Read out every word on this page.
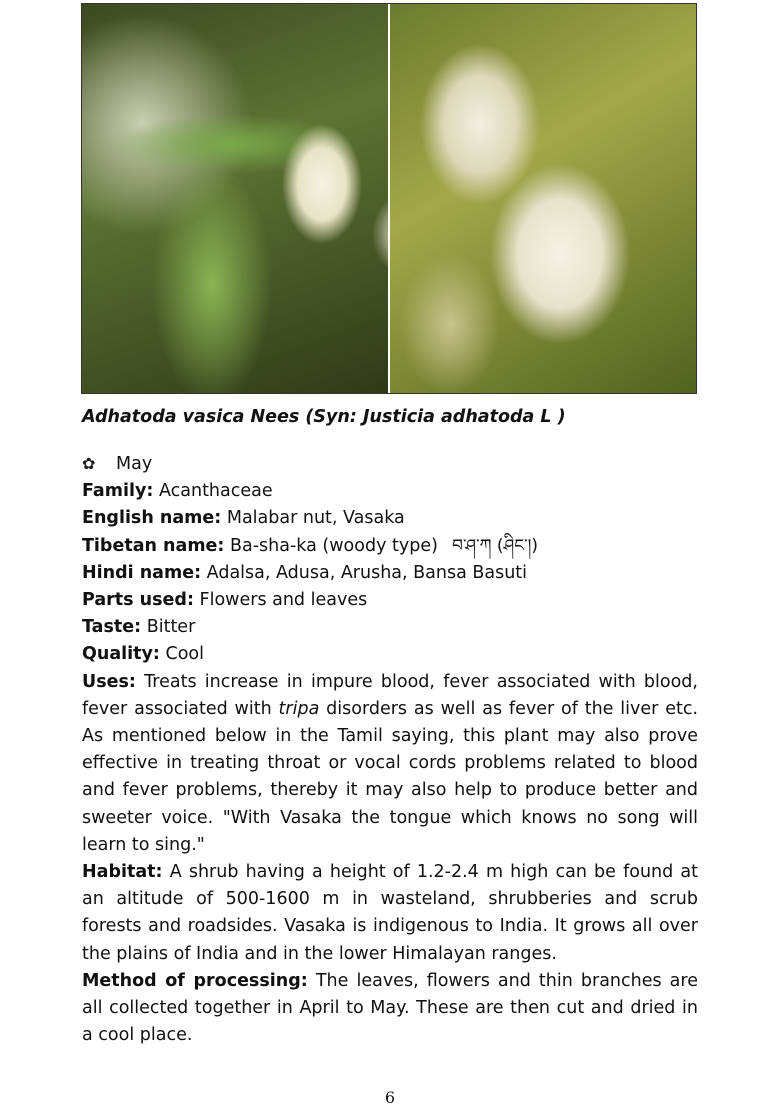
Adhatoda vasica Nees (Syn: Justicia adhatoda L )
✿ May
Family: Acanthaceae
English name: Malabar nut, Vasaka
Tibetan name: Ba-sha-ka (woody type) བ་ཤ་ཀ (ཤིང་།)
Hindi name: Adalsa, Adusa, Arusha, Bansa Basuti
Parts used: Flowers and leaves
Taste: Bitter
Quality: Cool
Uses: Treats increase in impure blood, fever associated with blood, fever associated with tripa disorders as well as fever of the liver etc. As mentioned below in the Tamil saying, this plant may also prove effective in treating throat or vocal cords problems related to blood and fever problems, thereby it may also help to produce better and sweeter voice. "With Vasaka the tongue which knows no song will learn to sing."
Habitat: A shrub having a height of 1.2-2.4 m high can be found at an altitude of 500-1600 m in wasteland, shrubberies and scrub forests and roadsides. Vasaka is indigenous to India. It grows all over the plains of India and in the lower Himalayan ranges.
Method of processing: The leaves, flowers and thin branches are all collected together in April to May. These are then cut and dried in a cool place.
6
